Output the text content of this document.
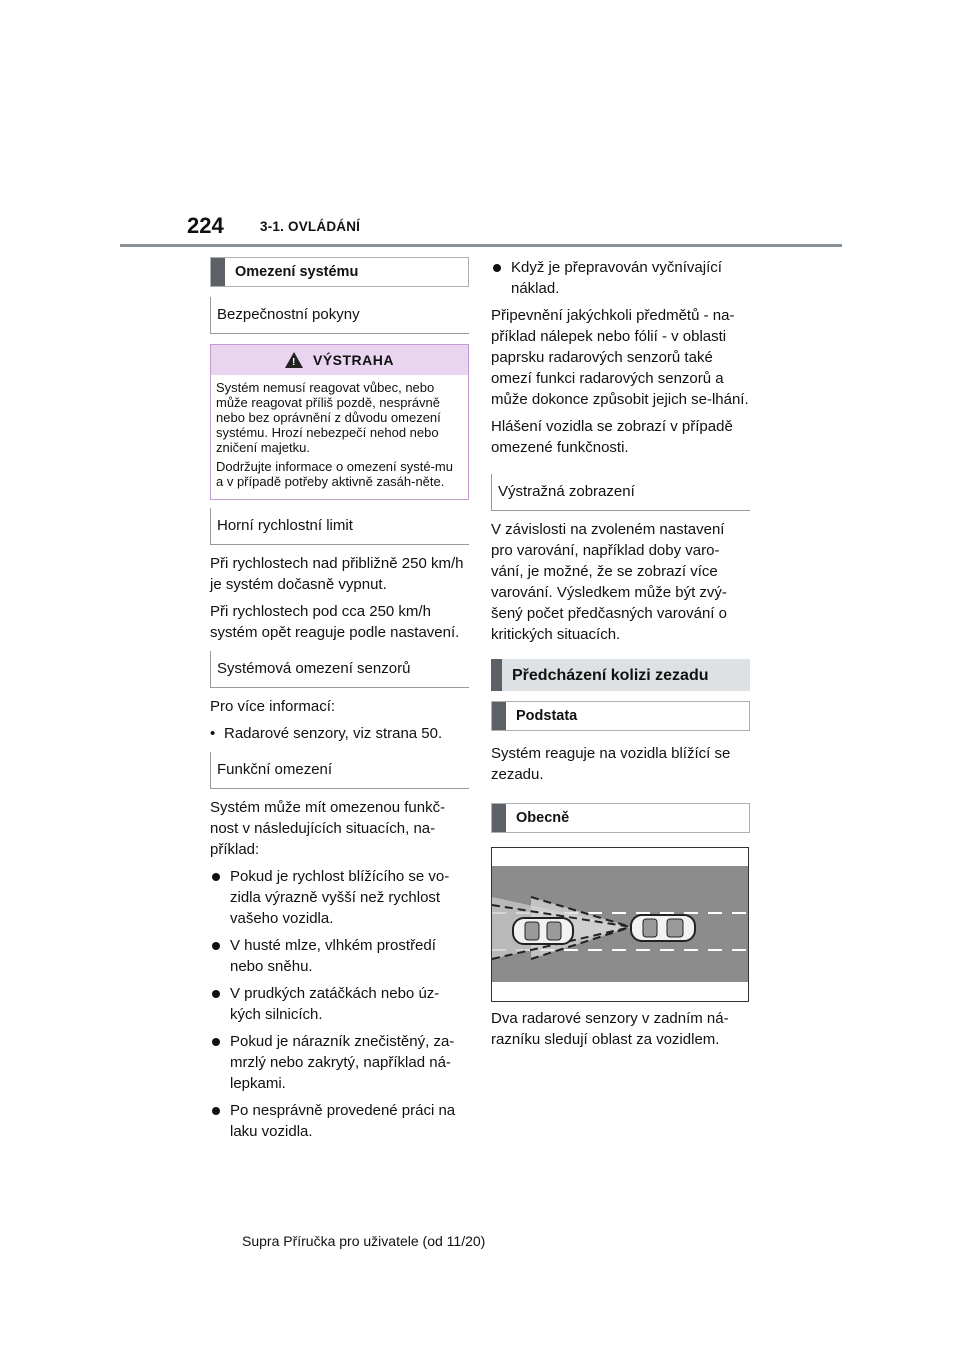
224	3-1. OVLÁDÁNÍ
Omezení systému
Bezpečnostní pokyny
! VÝSTRAHA

Systém nemusí reagovat vůbec, nebo může reagovat příliš pozdě, nesprávně nebo bez oprávnění z důvodu omezení systému. Hrozí nebezpečí nehod nebo zničení majetku.

Dodržujte informace o omezení systé-mu a v případě potřeby aktivně zasáh-něte.

Horní rychlostní limit

Při rychlostech nad přibližně 250 km/h je systém dočasně vypnut.

Při rychlostech pod cca 250 km/h systém opět reaguje podle nastavení.

Systémová omezení senzorů

Pro více informací:

• Radarové senzory, viz strana 50.
Funkční omezení

Systém může mít omezenou funkč-nost v následujících situacích, na-příklad:

Pokud je rychlost blížícího se vo-zidla výrazně vyšší než rychlost vašeho vozidla.
V husté mlze, vlhkém prostředí nebo sněhu.
V prudkých zatáčkách nebo úz-kých silnicích.
Pokud je nárazník znečistěný, za-mrzlý nebo zakrytý, například ná-lepkami.
Po nesprávně provedené práci na laku vozidla.
Když je přepravován vyčnívající náklad.

Připevnění jakýchkoli předmětů - na-příklad nálepek nebo fólií - v oblasti paprsku radarových senzorů také omezí funkci radarových senzorů a může dokonce způsobit jejich se-lhání.

Hlášení vozidla se zobrazí v případě omezené funkčnosti.

Výstražná zobrazení

V závislosti na zvoleném nastavení pro varování, například doby varo-vání, je možné, že se zobrazí více varování. Výsledkem může být zvý-šený počet předčasných varování o kritických situacích.

Předcházení kolizi zezadu
Podstata

Systém reaguje na vozidla blížící se zezadu.

Obecně

Dva radarové senzory v zadním ná-razníku sledují oblast za vozidlem.

Supra Příručka pro uživatele (od 11/20)
